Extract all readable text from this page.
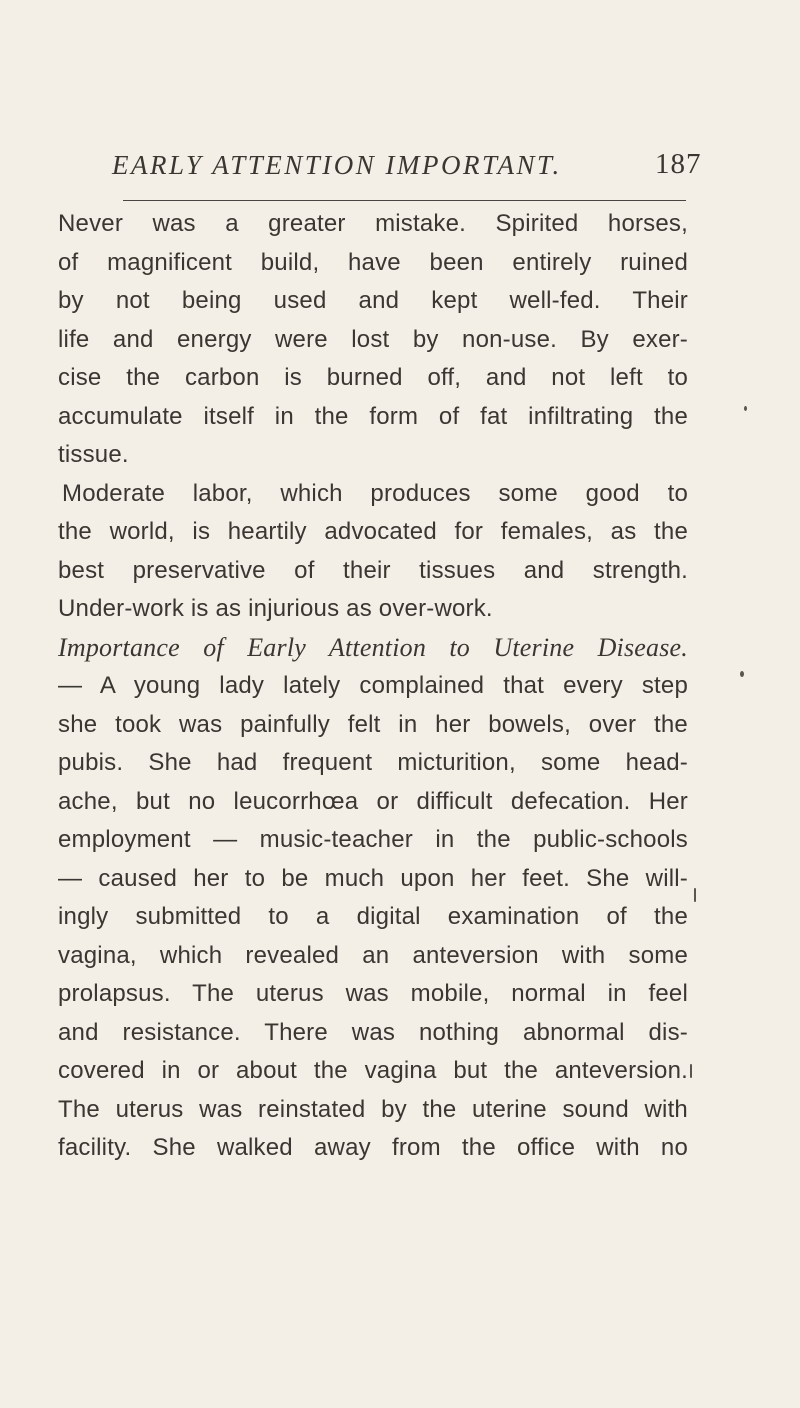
EARLY ATTENTION IMPORTANT.	187
Never was a greater mistake. Spirited horses,
of magnificent build, have been entirely ruined
by not being used and kept well-fed. Their
life and energy were lost by non-use. By exer-
cise the carbon is burned off, and not left to
accumulate itself in the form of fat infiltrating the
tissue.
Moderate labor, which produces some good to
the world, is heartily advocated for females, as the
best preservative of their tissues and strength.
Under-work is as injurious as over-work.
Importance of Early Attention to Uterine Disease.
— A young lady lately complained that every step
she took was painfully felt in her bowels, over the
pubis. She had frequent micturition, some head-
ache, but no leucorrhœa or difficult defecation. Her
employment — music-teacher in the public-schools
— caused her to be much upon her feet. She will-
ingly submitted to a digital examination of the
vagina, which revealed an anteversion with some
prolapsus. The uterus was mobile, normal in feel
and resistance. There was nothing abnormal dis-
covered in or about the vagina but the anteversion.
The uterus was reinstated by the uterine sound with
facility. She walked away from the office with no
